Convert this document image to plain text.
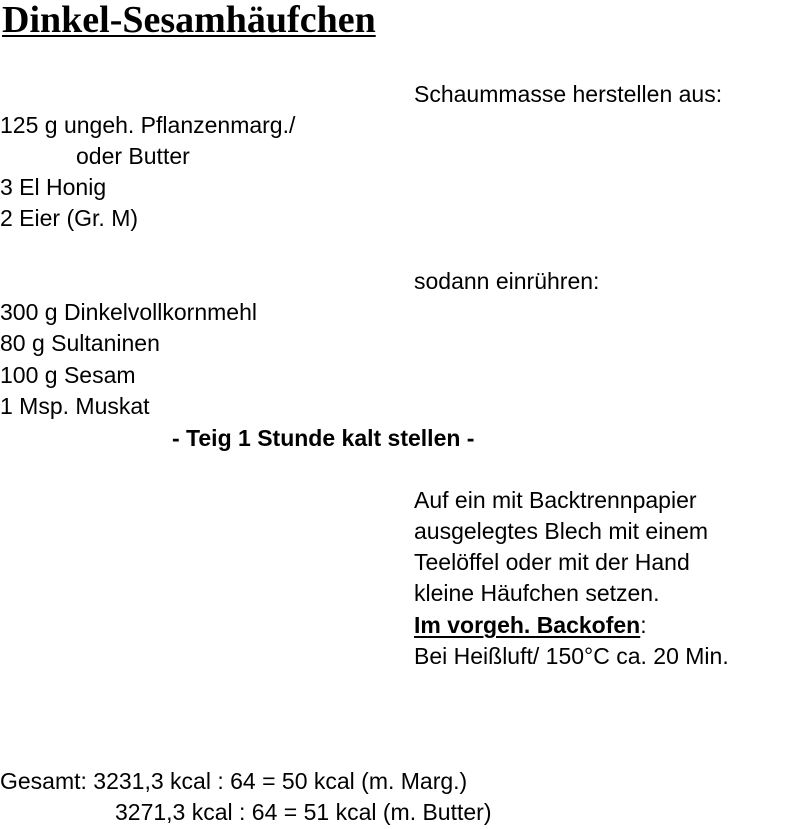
Dinkel-Sesamhäufchen
Schaummasse herstellen aus:
125 g ungeh. Pflanzenmarg./
oder Butter
3 El Honig
2 Eier (Gr. M)
sodann einrühren:
300 g Dinkelvollkornmehl
80 g Sultaninen
100 g Sesam
1 Msp. Muskat
- Teig 1 Stunde kalt stellen -
Auf ein mit Backtrennpapier
ausgelegtes Blech mit einem
Teelöffel oder mit der Hand
kleine Häufchen setzen.
Im vorgeh. Backofen:
Bei Heißluft/ 150°C ca. 20 Min.
Gesamt: 3231,3 kcal : 64 = 50 kcal (m. Marg.)
3271,3 kcal : 64 = 51 kcal (m. Butter)
